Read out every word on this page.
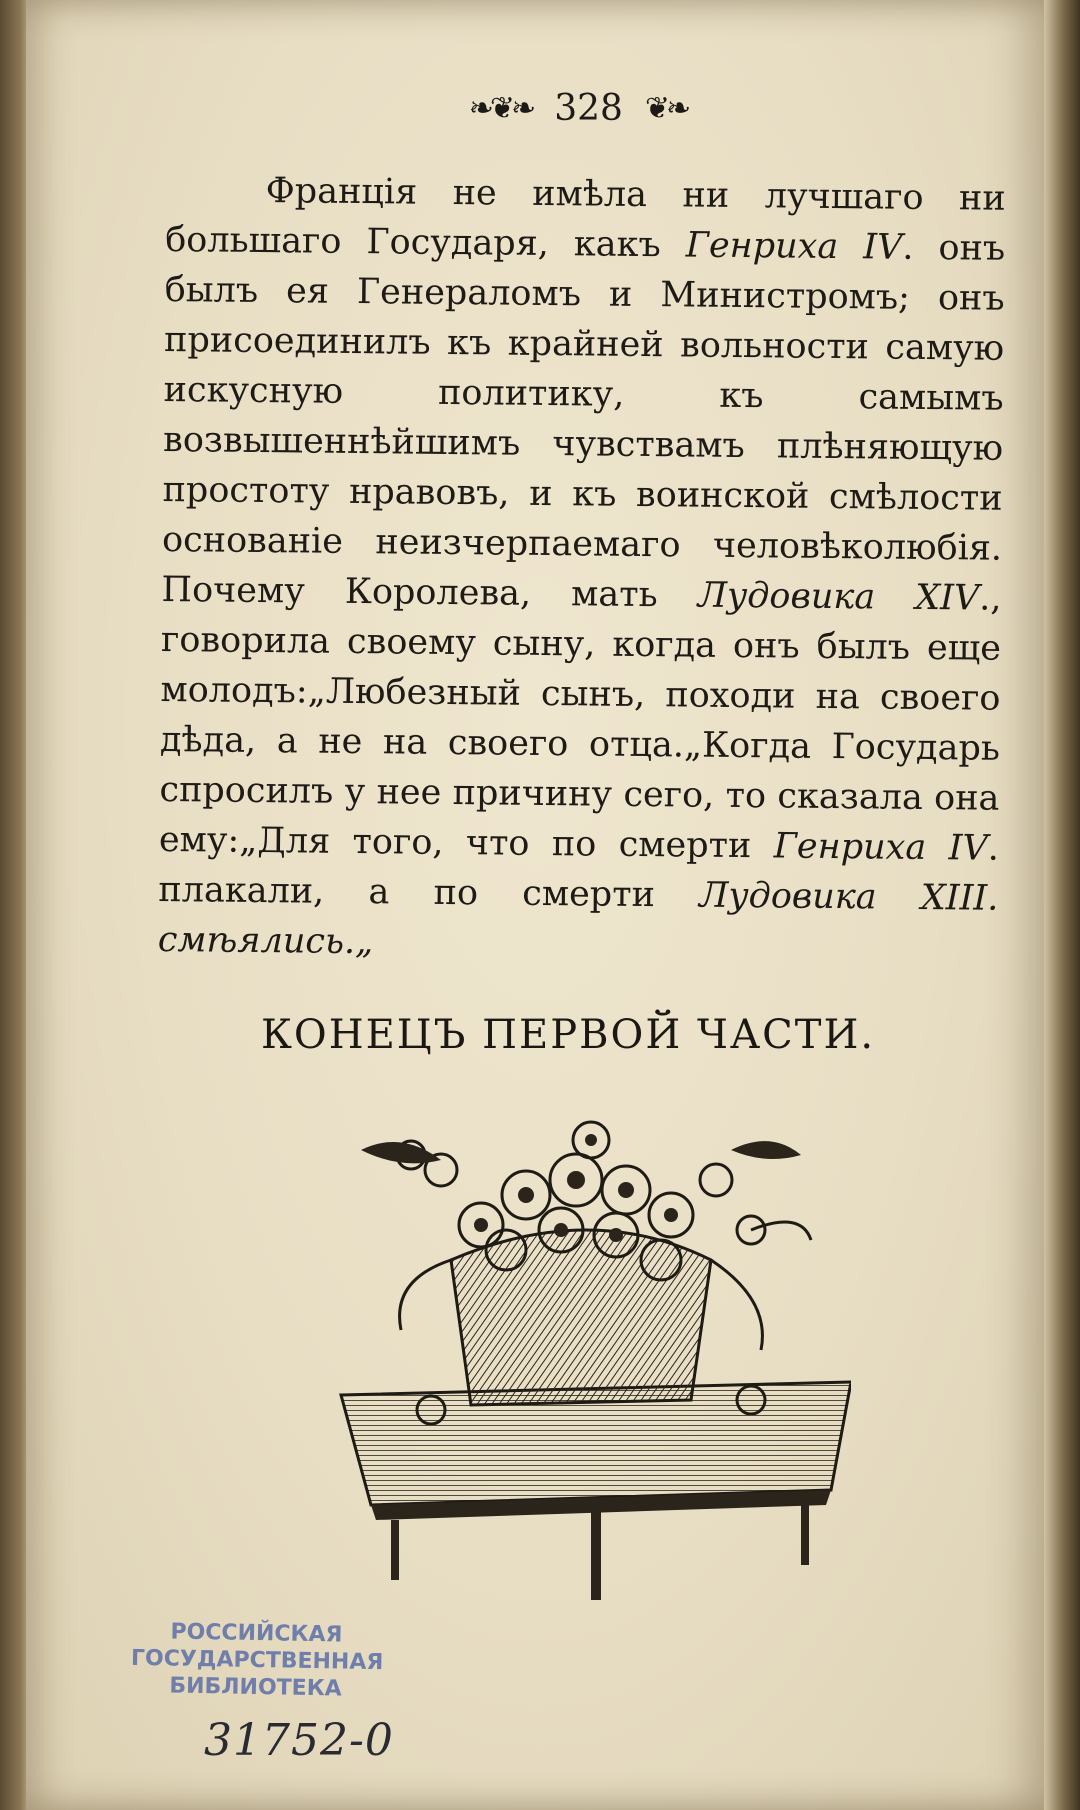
❧❦❧ 328 ❦❧

Франція не имѣла ни лучшаго ни большаго Государя, какъ Генриха IV. онъ былъ ея Генераломъ и Министромъ; онъ присоединилъ къ крайней вольности самую искусную политику, къ самымъ возвышеннѣйшимъ чувствамъ плѣняющую простоту нравовъ, и къ воинской смѣлости основаніе неизчерпаемаго человѣколюбія. Почему Королева, мать Лудовика XIV., говорила своему сыну, когда онъ былъ еще молодъ:„Любезный сынъ, походи на своего дѣда, а не на своего отца.„Когда Государь спросилъ у нее причину сего, то сказала она ему:„Для того, что по смерти Генриха IV. плакали, а по смерти Лудовика XIII. смѣялись.„

КОНЕЦЪ ПЕРВОЙ ЧАСТИ.
РОССИЙСКАЯ
ГОСУДАРСТВЕННАЯ
БИБЛИОТЕКА
31752-0
